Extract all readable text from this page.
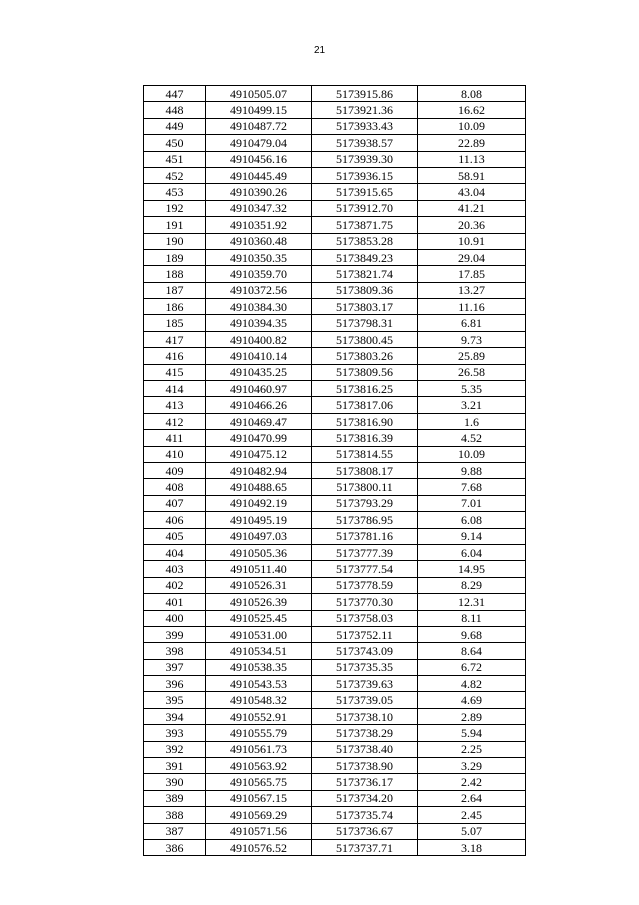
21
447	4910505.07	5173915.86	8.08
448	4910499.15	5173921.36	16.62
449	4910487.72	5173933.43	10.09
450	4910479.04	5173938.57	22.89
451	4910456.16	5173939.30	11.13
452	4910445.49	5173936.15	58.91
453	4910390.26	5173915.65	43.04
192	4910347.32	5173912.70	41.21
191	4910351.92	5173871.75	20.36
190	4910360.48	5173853.28	10.91
189	4910350.35	5173849.23	29.04
188	4910359.70	5173821.74	17.85
187	4910372.56	5173809.36	13.27
186	4910384.30	5173803.17	11.16
185	4910394.35	5173798.31	6.81
417	4910400.82	5173800.45	9.73
416	4910410.14	5173803.26	25.89
415	4910435.25	5173809.56	26.58
414	4910460.97	5173816.25	5.35
413	4910466.26	5173817.06	3.21
412	4910469.47	5173816.90	1.6
411	4910470.99	5173816.39	4.52
410	4910475.12	5173814.55	10.09
409	4910482.94	5173808.17	9.88
408	4910488.65	5173800.11	7.68
407	4910492.19	5173793.29	7.01
406	4910495.19	5173786.95	6.08
405	4910497.03	5173781.16	9.14
404	4910505.36	5173777.39	6.04
403	4910511.40	5173777.54	14.95
402	4910526.31	5173778.59	8.29
401	4910526.39	5173770.30	12.31
400	4910525.45	5173758.03	8.11
399	4910531.00	5173752.11	9.68
398	4910534.51	5173743.09	8.64
397	4910538.35	5173735.35	6.72
396	4910543.53	5173739.63	4.82
395	4910548.32	5173739.05	4.69
394	4910552.91	5173738.10	2.89
393	4910555.79	5173738.29	5.94
392	4910561.73	5173738.40	2.25
391	4910563.92	5173738.90	3.29
390	4910565.75	5173736.17	2.42
389	4910567.15	5173734.20	2.64
388	4910569.29	5173735.74	2.45
387	4910571.56	5173736.67	5.07
386	4910576.52	5173737.71	3.18
